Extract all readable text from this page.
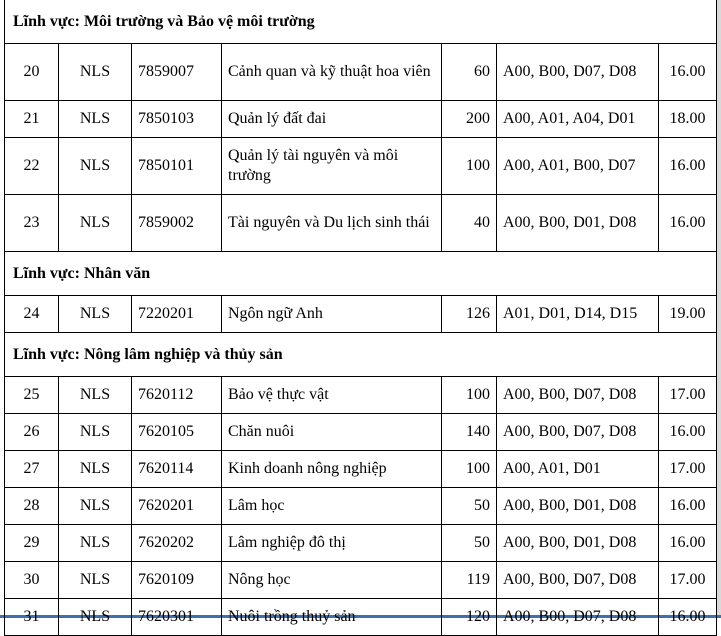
Lĩnh vực: Môi trường và Bảo vệ môi trường						
20	NLS	7859007	Cảnh quan và kỹ thuật hoa viên	60	A00, B00, D07, D08	16.00
21	NLS	7850103	Quản lý đất đai	200	A00, A01, A04, D01	18.00
22	NLS	7850101	Quản lý tài nguyên và môi trường	100	A00, A01, B00, D07	16.00
23	NLS	7859002	Tài nguyên và Du lịch sinh thái	40	A00, B00, D01, D08	16.00
Lĩnh vực: Nhân văn						
24	NLS	7220201	Ngôn ngữ Anh	126	A01, D01, D14, D15	19.00
Lĩnh vực: Nông lâm nghiệp và thủy sản						
25	NLS	7620112	Bảo vệ thực vật	100	A00, B00, D07, D08	17.00
26	NLS	7620105	Chăn nuôi	140	A00, B00, D07, D08	16.00
27	NLS	7620114	Kinh doanh nông nghiệp	100	A00, A01, D01	17.00
28	NLS	7620201	Lâm học	50	A00, B00, D01, D08	16.00
29	NLS	7620202	Lâm nghiệp đô thị	50	A00, B00, D01, D08	16.00
30	NLS	7620109	Nông học	119	A00, B00, D07, D08	17.00
31	NLS	7620301	Nuôi trồng thuỷ sản	120	A00, B00, D07, D08	16.00
